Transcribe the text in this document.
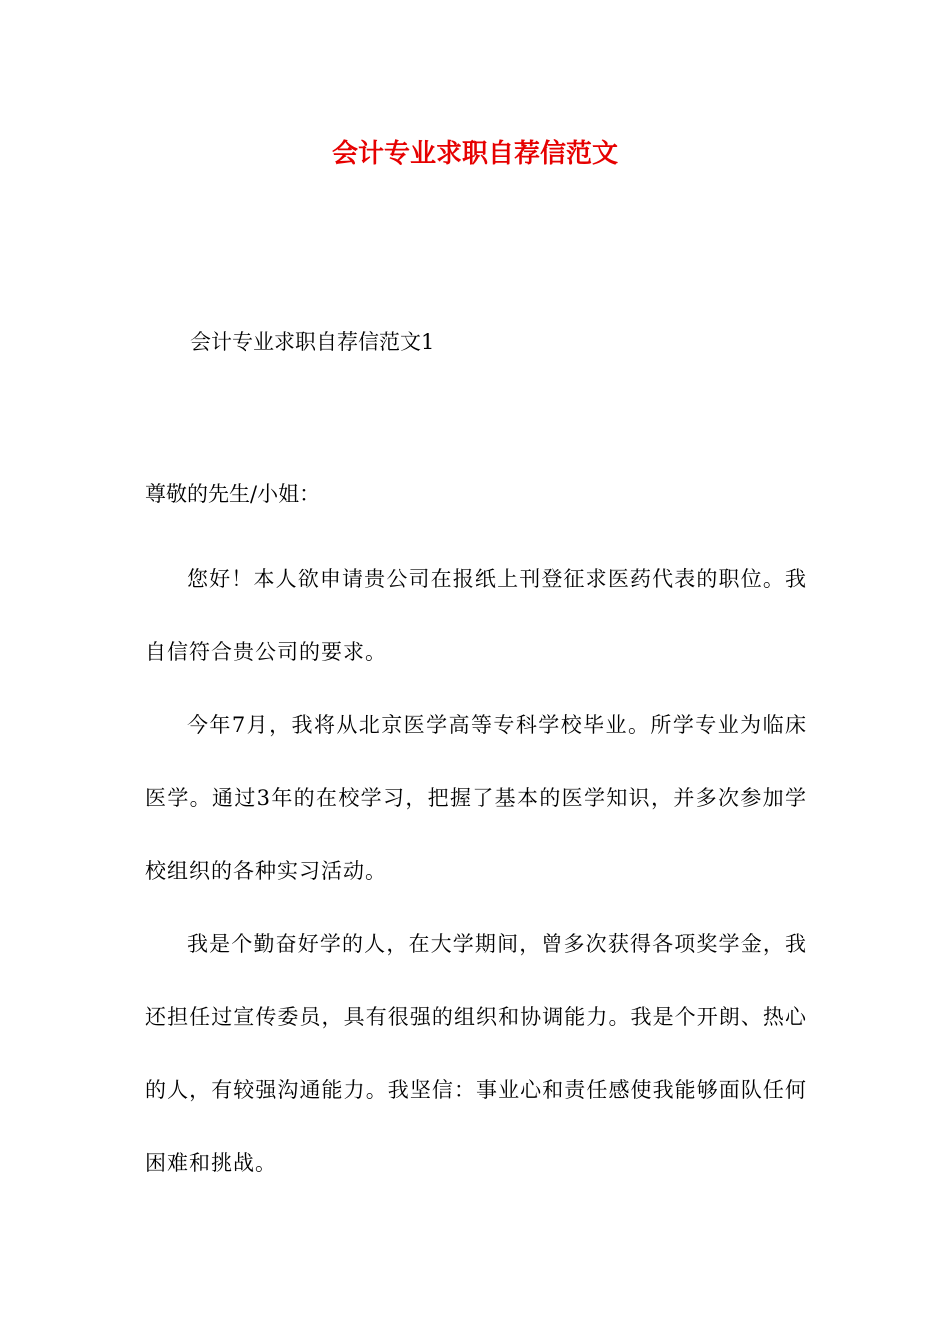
会计专业求职自荐信范文

会计专业求职自荐信范文1

尊敬的先生/小姐：

您好！本人欲申请贵公司在报纸上刊登征求医药代表的职位。我自信符合贵公司的要求。

今年7月，我将从北京医学高等专科学校毕业。所学专业为临床医学。通过3年的在校学习，把握了基本的医学知识，并多次参加学校组织的各种实习活动。

我是个勤奋好学的人，在大学期间，曾多次获得各项奖学金，我还担任过宣传委员，具有很强的组织和协调能力。我是个开朗、热心的人，有较强沟通能力。我坚信：事业心和责任感使我能够面队任何困难和挑战。
